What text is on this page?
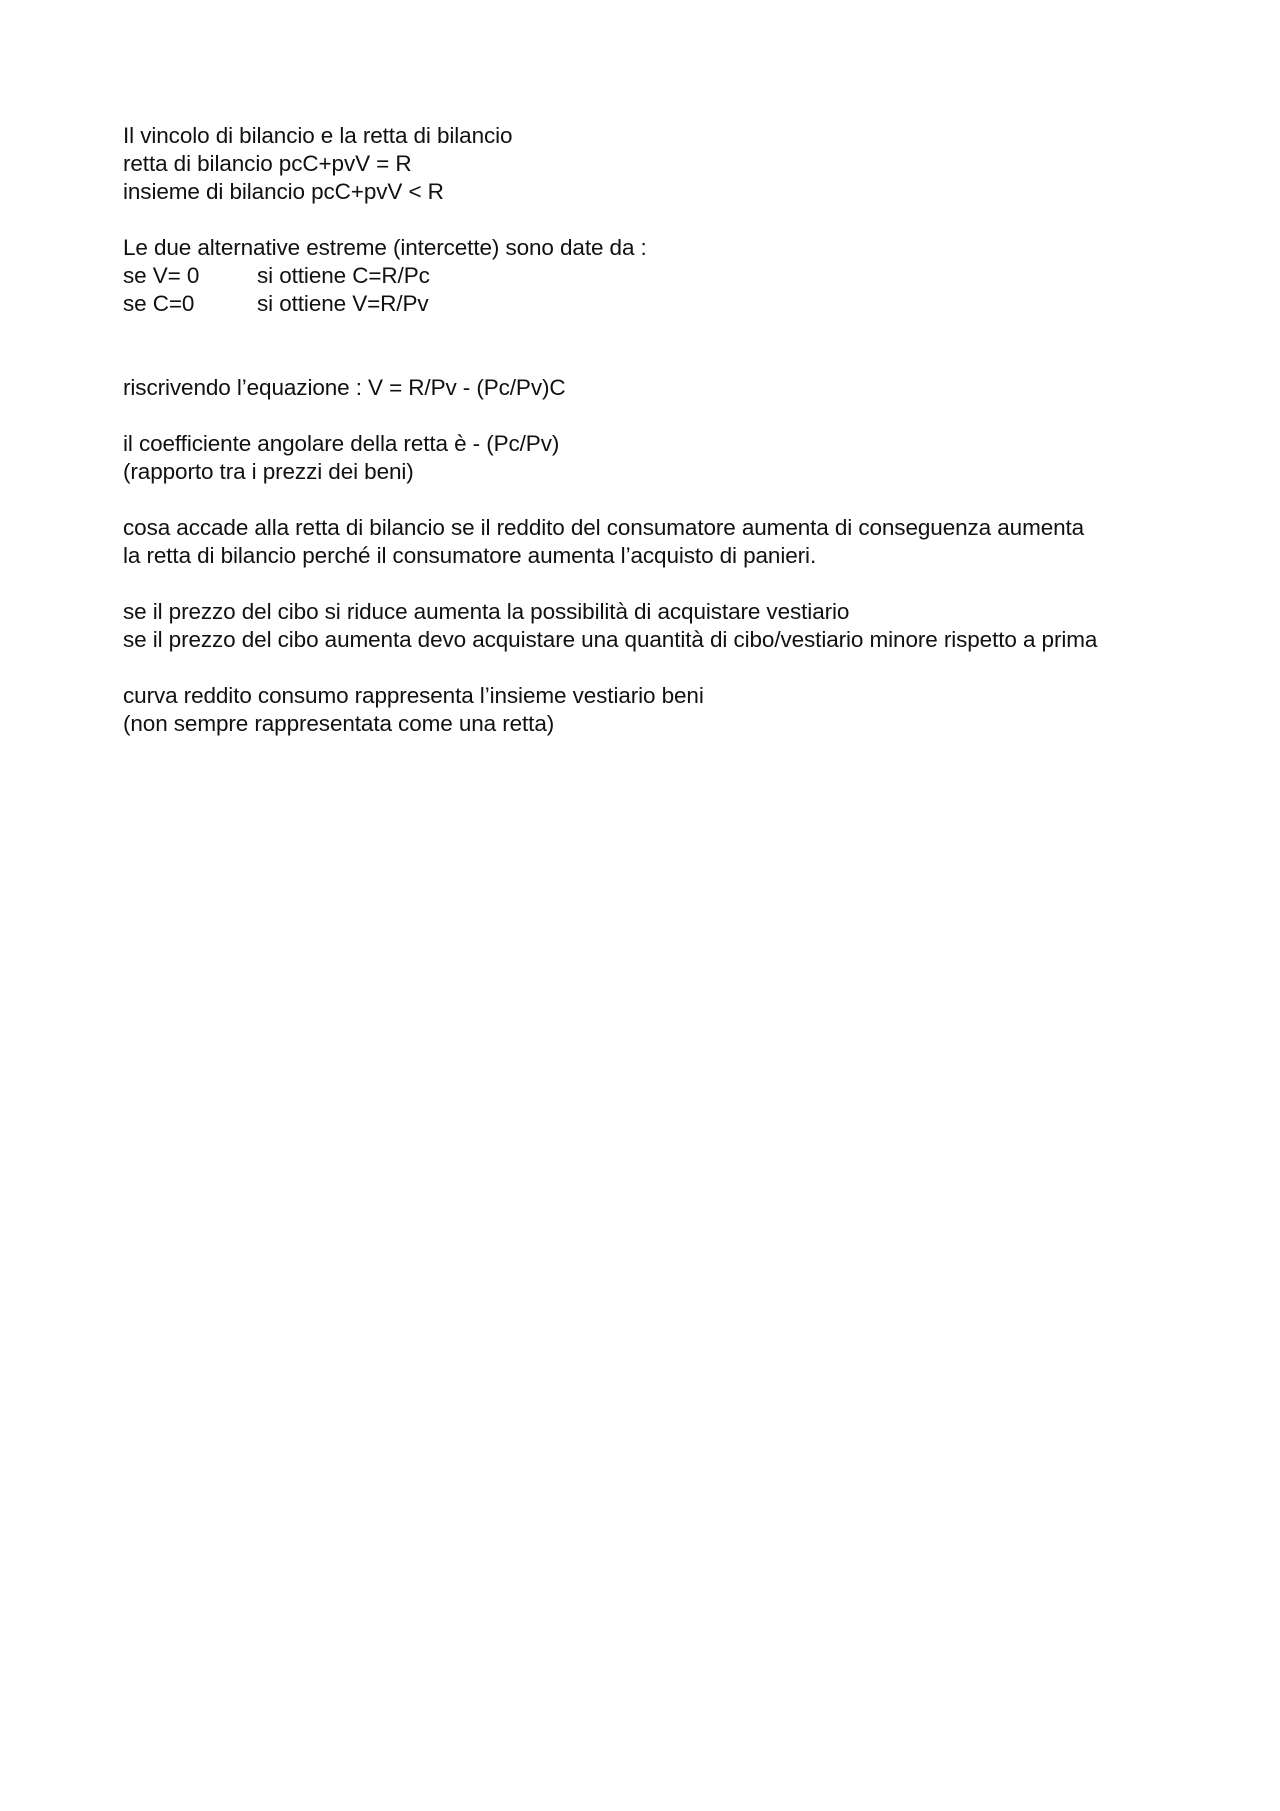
Il vincolo di bilancio e la retta di bilancio
retta di bilancio pcC+pvV = R
insieme di bilancio pcC+pvV < R
Le due alternative estreme (intercette) sono date da :
se V= 0	si ottiene C=R/Pc
se C=0	si ottiene V=R/Pv
riscrivendo l’equazione : V = R/Pv - (Pc/Pv)C
il coefficiente angolare della retta è - (Pc/Pv)
(rapporto tra i prezzi dei beni)
cosa accade alla retta di bilancio se il reddito del consumatore aumenta di conseguenza aumenta
la retta di bilancio perché il consumatore aumenta l’acquisto di panieri.
se il prezzo del cibo si riduce aumenta la possibilità di acquistare vestiario
se il prezzo del cibo aumenta devo acquistare una quantità di cibo/vestiario minore rispetto a prima
curva reddito consumo rappresenta l’insieme vestiario beni
(non sempre rappresentata come una retta)
